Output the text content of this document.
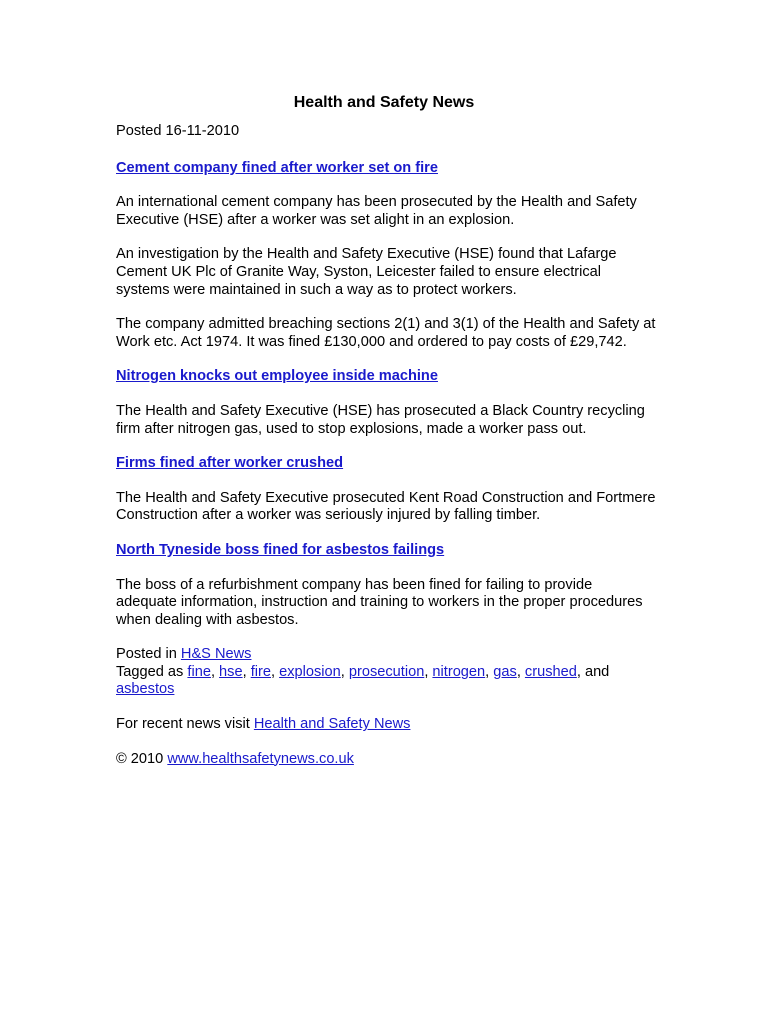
Health and Safety News
Posted 16-11-2010
Cement company fined after worker set on fire

An international cement company has been prosecuted by the Health and Safety Executive (HSE) after a worker was set alight in an explosion.

An investigation by the Health and Safety Executive (HSE) found that Lafarge Cement UK Plc of Granite Way, Syston, Leicester failed to ensure electrical systems were maintained in such a way as to protect workers.

The company admitted breaching sections 2(1) and 3(1) of the Health and Safety at Work etc. Act 1974. It was fined £130,000 and ordered to pay costs of £29,742.

Nitrogen knocks out employee inside machine

The Health and Safety Executive (HSE) has prosecuted a Black Country recycling firm after nitrogen gas, used to stop explosions, made a worker pass out.

Firms fined after worker crushed

The Health and Safety Executive prosecuted Kent Road Construction and Fortmere Construction after a worker was seriously injured by falling timber.

North Tyneside boss fined for asbestos failings

The boss of a refurbishment company has been fined for failing to provide adequate information, instruction and training to workers in the proper procedures when dealing with asbestos.

Posted in H&S News
Tagged as fine, hse, fire, explosion, prosecution, nitrogen, gas, crushed, and asbestos

For recent news visit Health and Safety News

© 2010 www.healthsafetynews.co.uk
